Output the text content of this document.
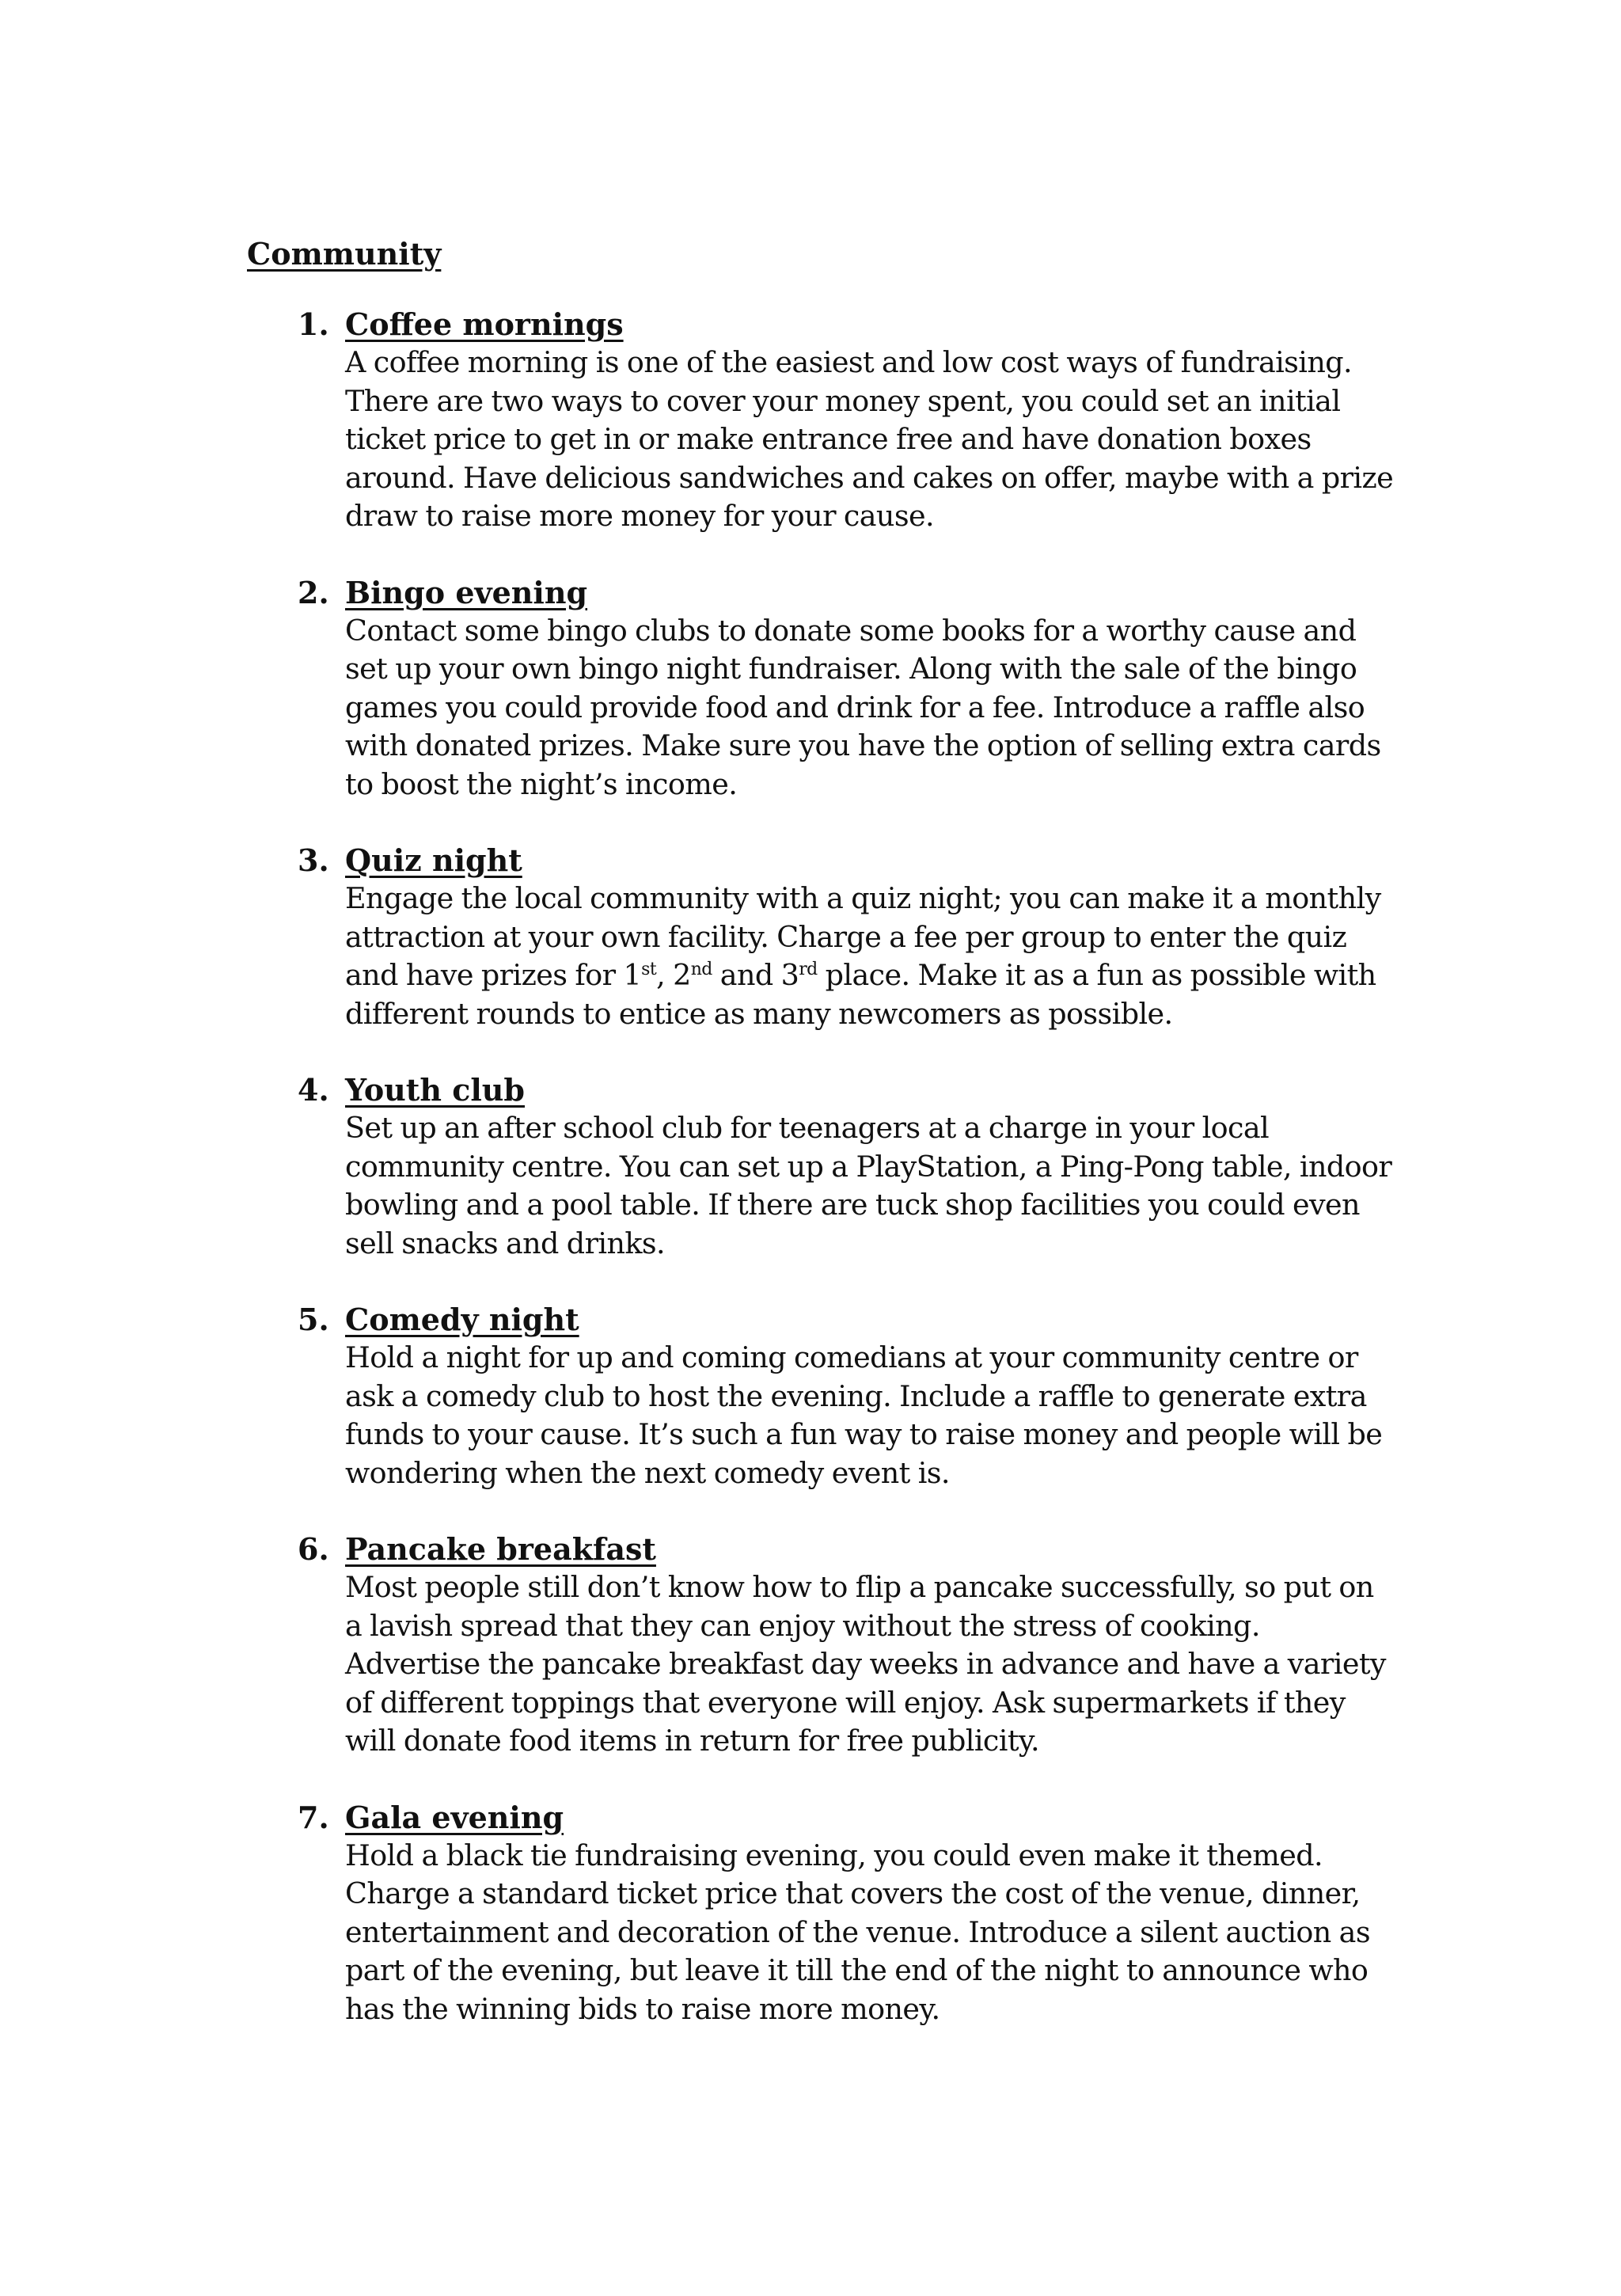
Community
1. Coffee mornings
A coffee morning is one of the easiest and low cost ways of fundraising.
There are two ways to cover your money spent, you could set an initial
ticket price to get in or make entrance free and have donation boxes
around. Have delicious sandwiches and cakes on offer, maybe with a prize
draw to raise more money for your cause.
2. Bingo evening
Contact some bingo clubs to donate some books for a worthy cause and
set up your own bingo night fundraiser. Along with the sale of the bingo
games you could provide food and drink for a fee. Introduce a raffle also
with donated prizes. Make sure you have the option of selling extra cards
to boost the night’s income.
3. Quiz night
Engage the local community with a quiz night; you can make it a monthly
attraction at your own facility. Charge a fee per group to enter the quiz
and have prizes for 1st, 2nd and 3rd place. Make it as a fun as possible with
different rounds to entice as many newcomers as possible.
4. Youth club
Set up an after school club for teenagers at a charge in your local
community centre. You can set up a PlayStation, a Ping-Pong table, indoor
bowling and a pool table. If there are tuck shop facilities you could even
sell snacks and drinks.
5. Comedy night
Hold a night for up and coming comedians at your community centre or
ask a comedy club to host the evening. Include a raffle to generate extra
funds to your cause. It’s such a fun way to raise money and people will be
wondering when the next comedy event is.
6. Pancake breakfast
Most people still don’t know how to flip a pancake successfully, so put on
a lavish spread that they can enjoy without the stress of cooking.
Advertise the pancake breakfast day weeks in advance and have a variety
of different toppings that everyone will enjoy. Ask supermarkets if they
will donate food items in return for free publicity.
7. Gala evening
Hold a black tie fundraising evening, you could even make it themed.
Charge a standard ticket price that covers the cost of the venue, dinner,
entertainment and decoration of the venue. Introduce a silent auction as
part of the evening, but leave it till the end of the night to announce who
has the winning bids to raise more money.
